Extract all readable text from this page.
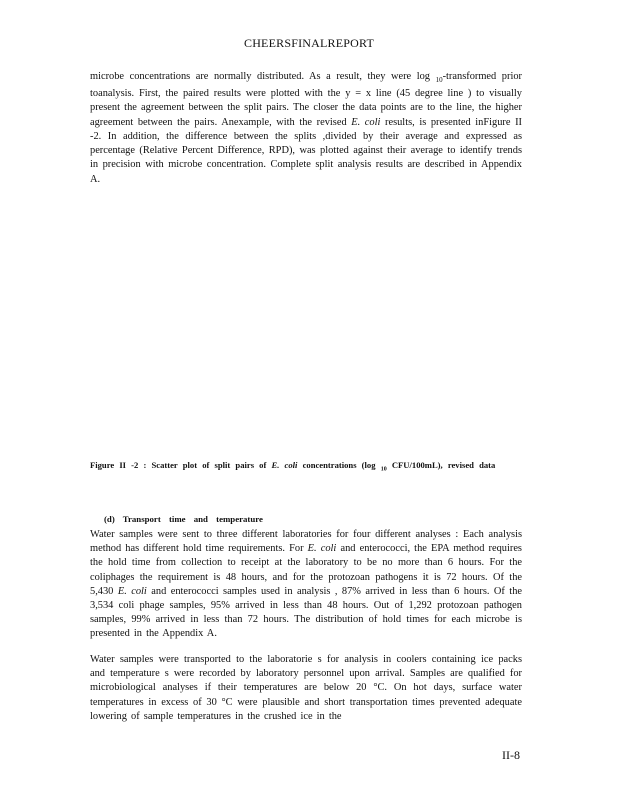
CHEERSFINALREPORT

microbe concentrations are normally distributed. As a result, they were log $_{10}$-transformed prior toanalysis. First, the paired results were plotted with the y = x line (45 degree line ) to visually present the agreement between the split pairs. The closer the data points are to the line, the higher agreement between the pairs. Anexample, with the revised E. coli results, is presented inFigure II -2. In addition, the difference between the splits ,divided by their average and expressed as percentage (Relative Percent Difference, RPD), was plotted against their average to identify trends in precision with microbe concentration. Complete split analysis results are described in Appendix A.

Figure II -2 : Scatter plot of split pairs of E. coli concentrations (log $_{10}$ CFU/100mL), revised data
(d) Transport time and temperature

Water samples were sent to three different laboratories for four different analyses : Each analysis method has different hold time requirements. For E. coli and enterococci, the EPA method requires the hold time from collection to receipt at the laboratory to be no more than 6 hours. For the coliphages the requirement is 48 hours, and for the protozoan pathogens it is 72 hours. Of the 5,430 E. coli and enterococci samples used in analysis , 87% arrived in less than 6 hours. Of the 3,534 coli phage samples, 95% arrived in less than 48 hours. Out of 1,292 protozoan pathogen samples, 99% arrived in less than 72 hours. The distribution of hold times for each microbe is presented in the Appendix A.

Water samples were transported to the laboratorie s for analysis in coolers containing ice packs and temperature s were recorded by laboratory personnel upon arrival. Samples are qualified for microbiological analyses if their temperatures are below 20 °C. On hot days, surface water temperatures in excess of 30 °C were plausible and short transportation times prevented adequate lowering of sample temperatures in the crushed ice in the

II-8
